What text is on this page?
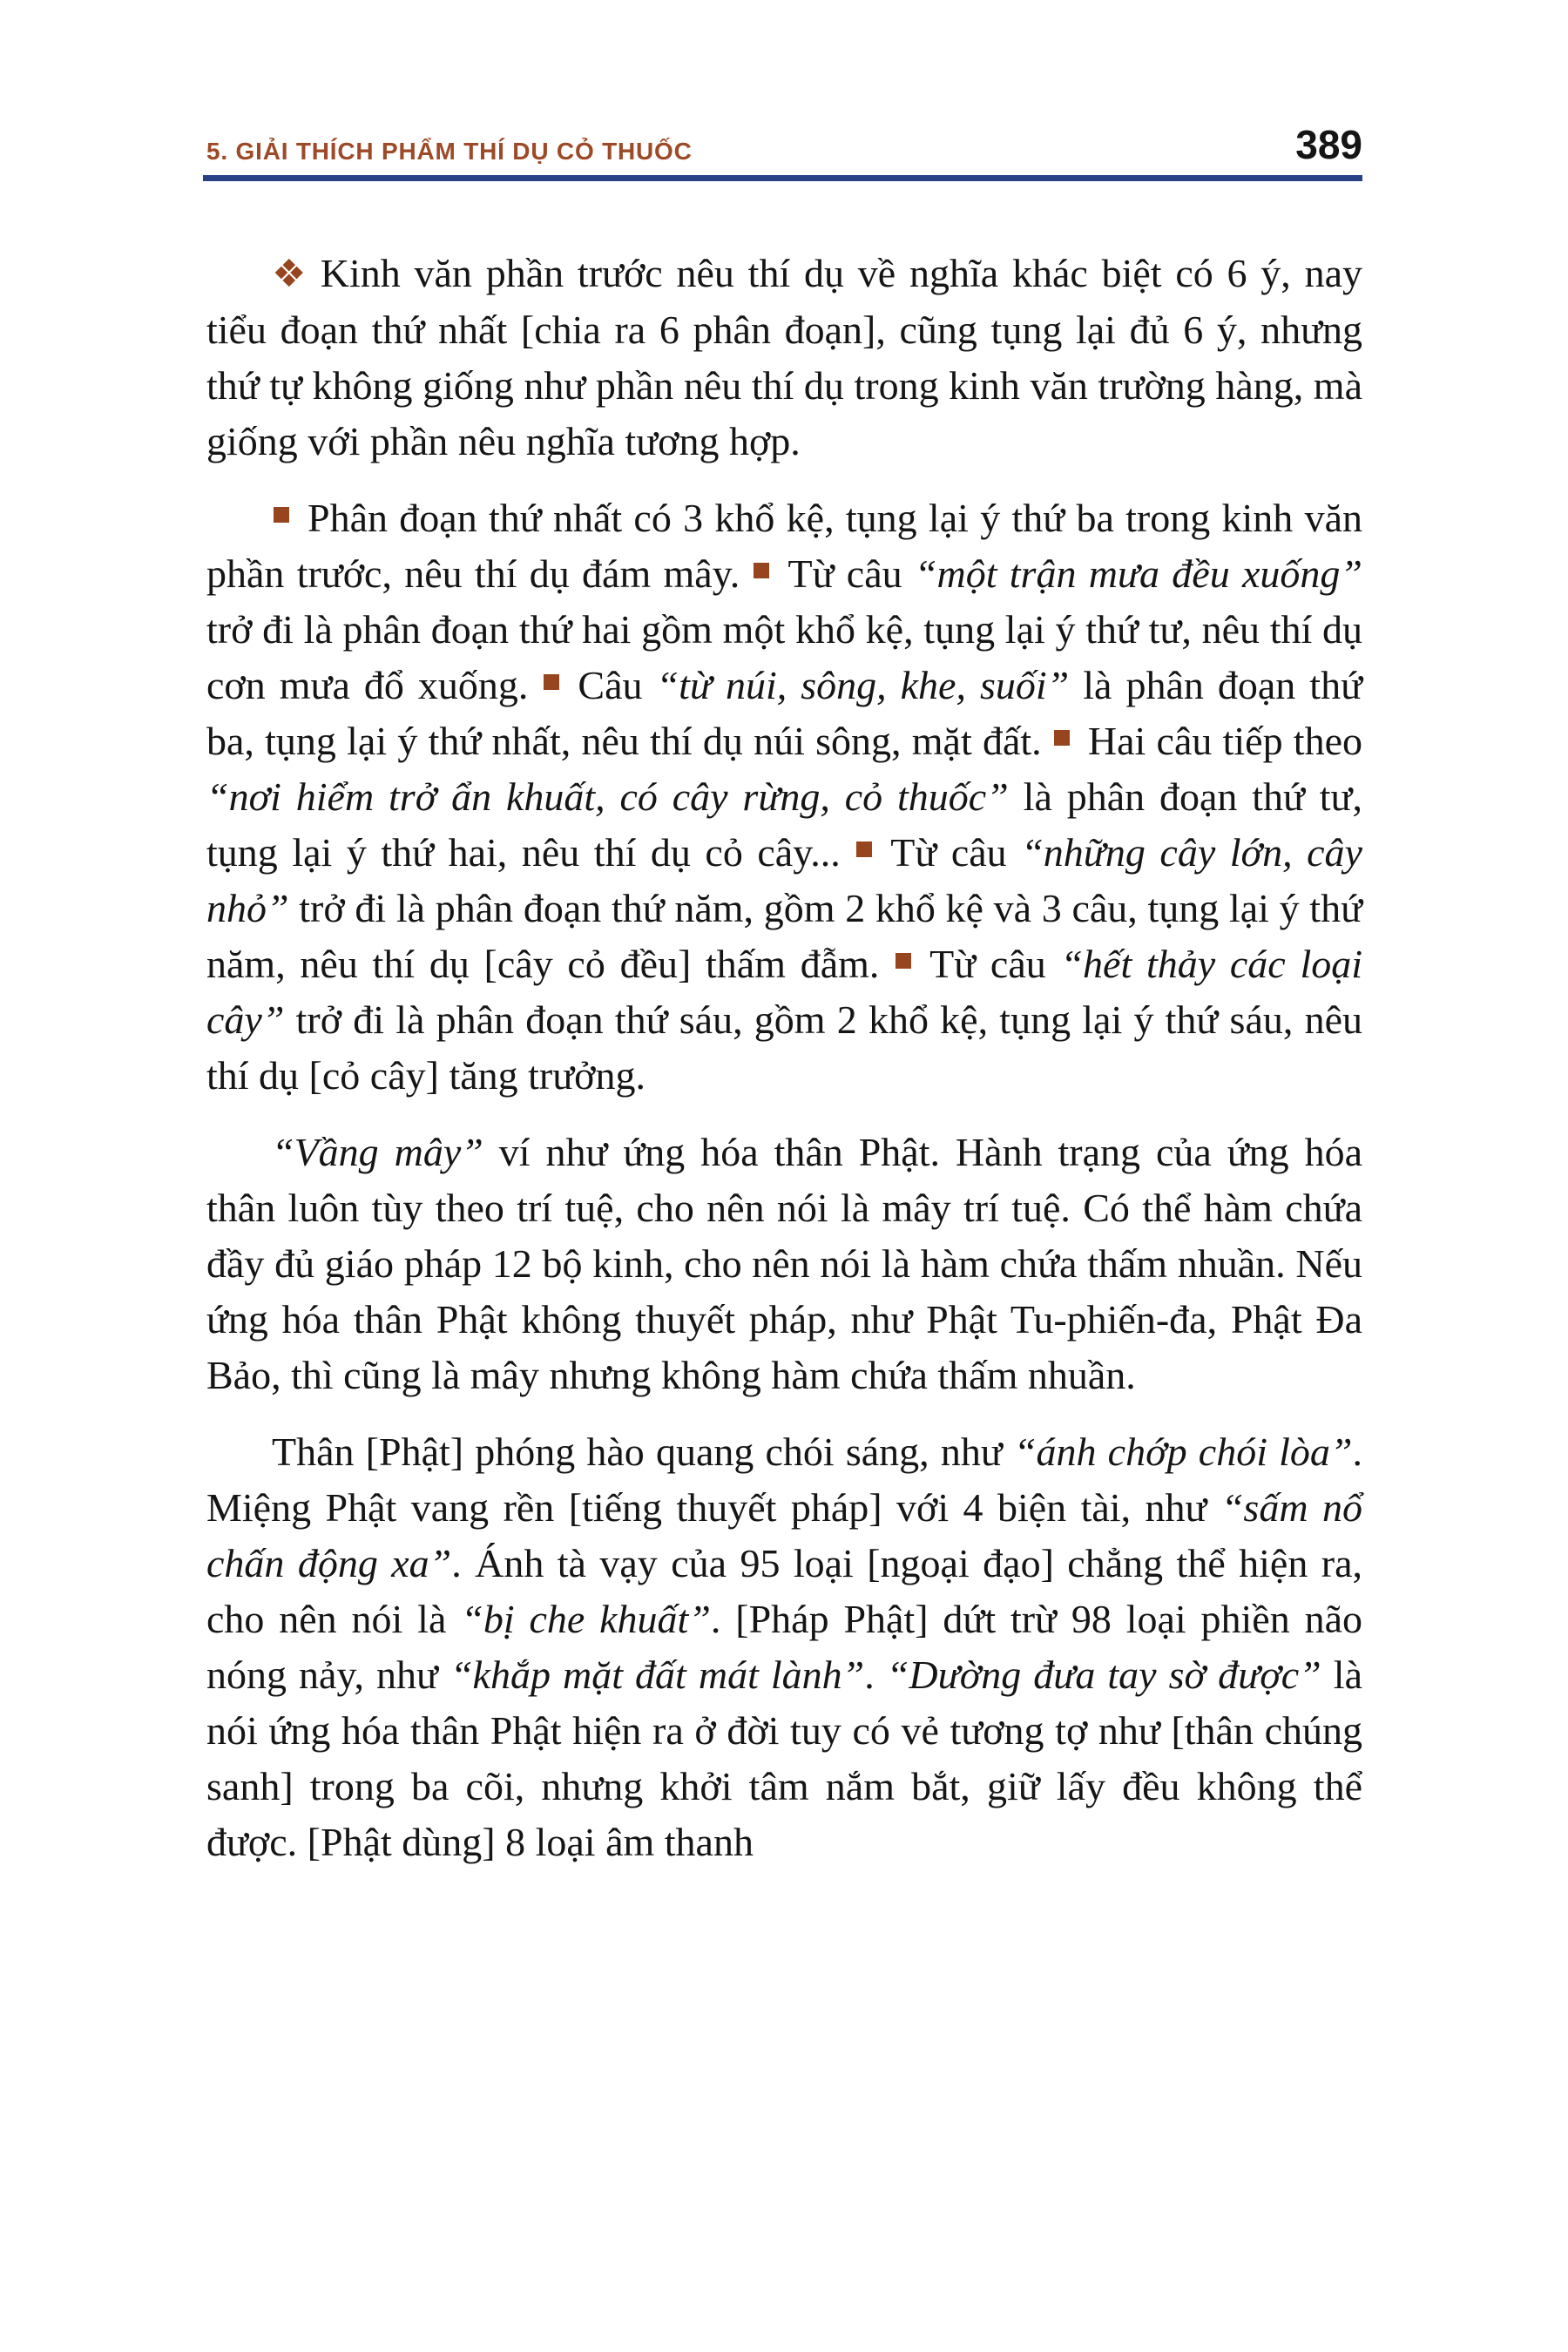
5. GIẢI THÍCH PHẨM THÍ DỤ CỎ THUỐC	389

❖ Kinh văn phần trước nêu thí dụ về nghĩa khác biệt có 6 ý, nay tiểu đoạn thứ nhất [chia ra 6 phân đoạn], cũng tụng lại đủ 6 ý, nhưng thứ tự không giống như phần nêu thí dụ trong kinh văn trường hàng, mà giống với phần nêu nghĩa tương hợp.

Phân đoạn thứ nhất có 3 khổ kệ, tụng lại ý thứ ba trong kinh văn phần trước, nêu thí dụ đám mây. Từ câu “một trận mưa đều xuống” trở đi là phân đoạn thứ hai gồm một khổ kệ, tụng lại ý thứ tư, nêu thí dụ cơn mưa đổ xuống. Câu “từ núi, sông, khe, suối” là phân đoạn thứ ba, tụng lại ý thứ nhất, nêu thí dụ núi sông, mặt đất. Hai câu tiếp theo “nơi hiểm trở ẩn khuất, có cây rừng, cỏ thuốc” là phân đoạn thứ tư, tụng lại ý thứ hai, nêu thí dụ cỏ cây... Từ câu “những cây lớn, cây nhỏ” trở đi là phân đoạn thứ năm, gồm 2 khổ kệ và 3 câu, tụng lại ý thứ năm, nêu thí dụ [cây cỏ đều] thấm đẫm. Từ câu “hết thảy các loại cây” trở đi là phân đoạn thứ sáu, gồm 2 khổ kệ, tụng lại ý thứ sáu, nêu thí dụ [cỏ cây] tăng trưởng.

“Vầng mây” ví như ứng hóa thân Phật. Hành trạng của ứng hóa thân luôn tùy theo trí tuệ, cho nên nói là mây trí tuệ. Có thể hàm chứa đầy đủ giáo pháp 12 bộ kinh, cho nên nói là hàm chứa thấm nhuần. Nếu ứng hóa thân Phật không thuyết pháp, như Phật Tu-phiến-đa, Phật Đa Bảo, thì cũng là mây nhưng không hàm chứa thấm nhuần.

Thân [Phật] phóng hào quang chói sáng, như “ánh chớp chói lòa”. Miệng Phật vang rền [tiếng thuyết pháp] với 4 biện tài, như “sấm nổ chấn động xa”. Ánh tà vạy của 95 loại [ngoại đạo] chẳng thể hiện ra, cho nên nói là “bị che khuất”. [Pháp Phật] dứt trừ 98 loại phiền não nóng nảy, như “khắp mặt đất mát lành”. “Dường đưa tay sờ được” là nói ứng hóa thân Phật hiện ra ở đời tuy có vẻ tương tợ như [thân chúng sanh] trong ba cõi, nhưng khởi tâm nắm bắt, giữ lấy đều không thể được. [Phật dùng] 8 loại âm thanh
